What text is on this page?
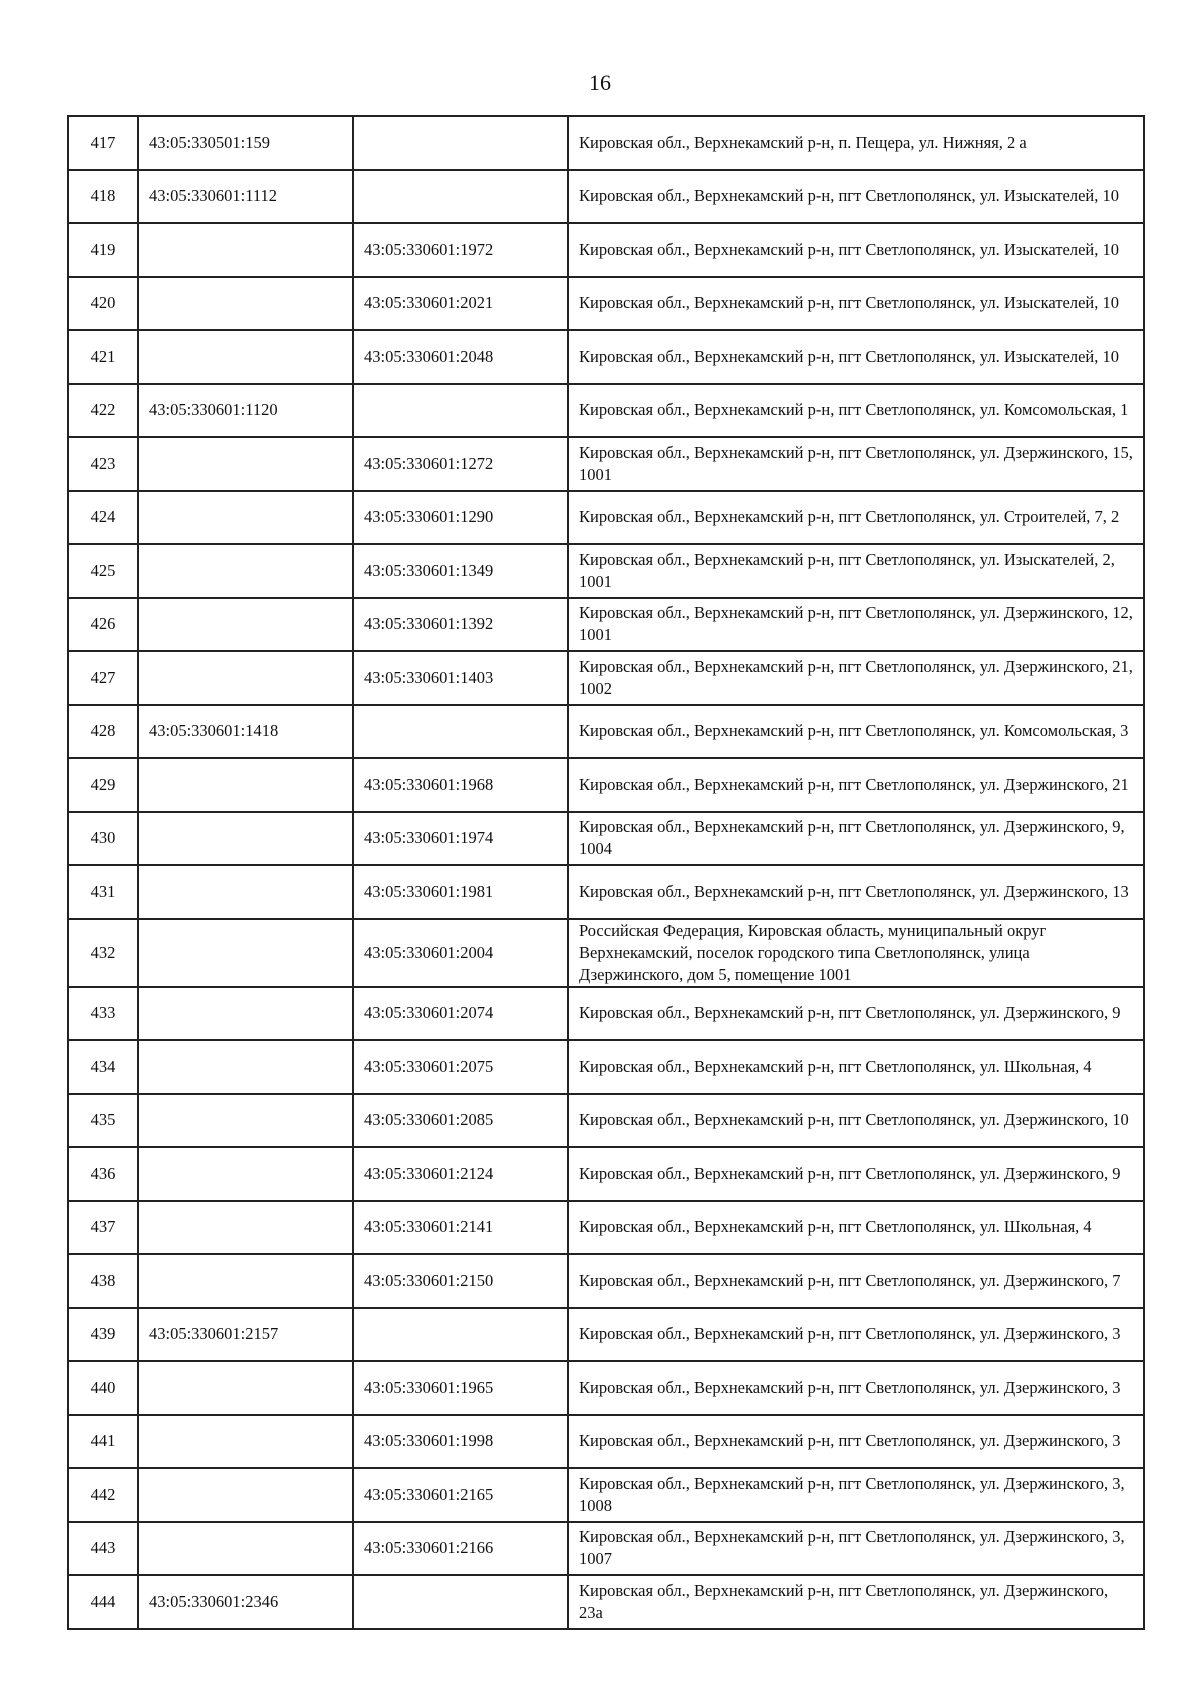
16
417	43:05:330501:159		Кировская обл., Верхнекамский р-н, п. Пещера, ул. Нижняя, 2 а
418	43:05:330601:1112		Кировская обл., Верхнекамский р-н, пгт Светлополянск, ул. Изыскателей, 10
419		43:05:330601:1972	Кировская обл., Верхнекамский р-н, пгт Светлополянск, ул. Изыскателей, 10
420		43:05:330601:2021	Кировская обл., Верхнекамский р-н, пгт Светлополянск, ул. Изыскателей, 10
421		43:05:330601:2048	Кировская обл., Верхнекамский р-н, пгт Светлополянск, ул. Изыскателей, 10
422	43:05:330601:1120		Кировская обл., Верхнекамский р-н, пгт Светлополянск, ул. Комсомольская, 1
423		43:05:330601:1272	Кировская обл., Верхнекамский р-н, пгт Светлополянск, ул. Дзержинского, 15, 1001
424		43:05:330601:1290	Кировская обл., Верхнекамский р-н, пгт Светлополянск, ул. Строителей, 7, 2
425		43:05:330601:1349	Кировская обл., Верхнекамский р-н, пгт Светлополянск, ул. Изыскателей, 2, 1001
426		43:05:330601:1392	Кировская обл., Верхнекамский р-н, пгт Светлополянск, ул. Дзержинского, 12, 1001
427		43:05:330601:1403	Кировская обл., Верхнекамский р-н, пгт Светлополянск, ул. Дзержинского, 21, 1002
428	43:05:330601:1418		Кировская обл., Верхнекамский р-н, пгт Светлополянск, ул. Комсомольская, 3
429		43:05:330601:1968	Кировская обл., Верхнекамский р-н, пгт Светлополянск, ул. Дзержинского, 21
430		43:05:330601:1974	Кировская обл., Верхнекамский р-н, пгт Светлополянск, ул. Дзержинского, 9, 1004
431		43:05:330601:1981	Кировская обл., Верхнекамский р-н, пгт Светлополянск, ул. Дзержинского, 13
432		43:05:330601:2004	Российская Федерация, Кировская область, муниципальный округ Верхнекамский, поселок городского типа Светлополянск, улица Дзержинского, дом 5, помещение 1001
433		43:05:330601:2074	Кировская обл., Верхнекамский р-н, пгт Светлополянск, ул. Дзержинского, 9
434		43:05:330601:2075	Кировская обл., Верхнекамский р-н, пгт Светлополянск, ул. Школьная, 4
435		43:05:330601:2085	Кировская обл., Верхнекамский р-н, пгт Светлополянск, ул. Дзержинского, 10
436		43:05:330601:2124	Кировская обл., Верхнекамский р-н, пгт Светлополянск, ул. Дзержинского, 9
437		43:05:330601:2141	Кировская обл., Верхнекамский р-н, пгт Светлополянск, ул. Школьная, 4
438		43:05:330601:2150	Кировская обл., Верхнекамский р-н, пгт Светлополянск, ул. Дзержинского, 7
439	43:05:330601:2157		Кировская обл., Верхнекамский р-н, пгт Светлополянск, ул. Дзержинского, 3
440		43:05:330601:1965	Кировская обл., Верхнекамский р-н, пгт Светлополянск, ул. Дзержинского, 3
441		43:05:330601:1998	Кировская обл., Верхнекамский р-н, пгт Светлополянск, ул. Дзержинского, 3
442		43:05:330601:2165	Кировская обл., Верхнекамский р-н, пгт Светлополянск, ул. Дзержинского, 3, 1008
443		43:05:330601:2166	Кировская обл., Верхнекамский р-н, пгт Светлополянск, ул. Дзержинского, 3, 1007
444	43:05:330601:2346		Кировская обл., Верхнекамский р-н, пгт Светлополянск, ул. Дзержинского, 23а
